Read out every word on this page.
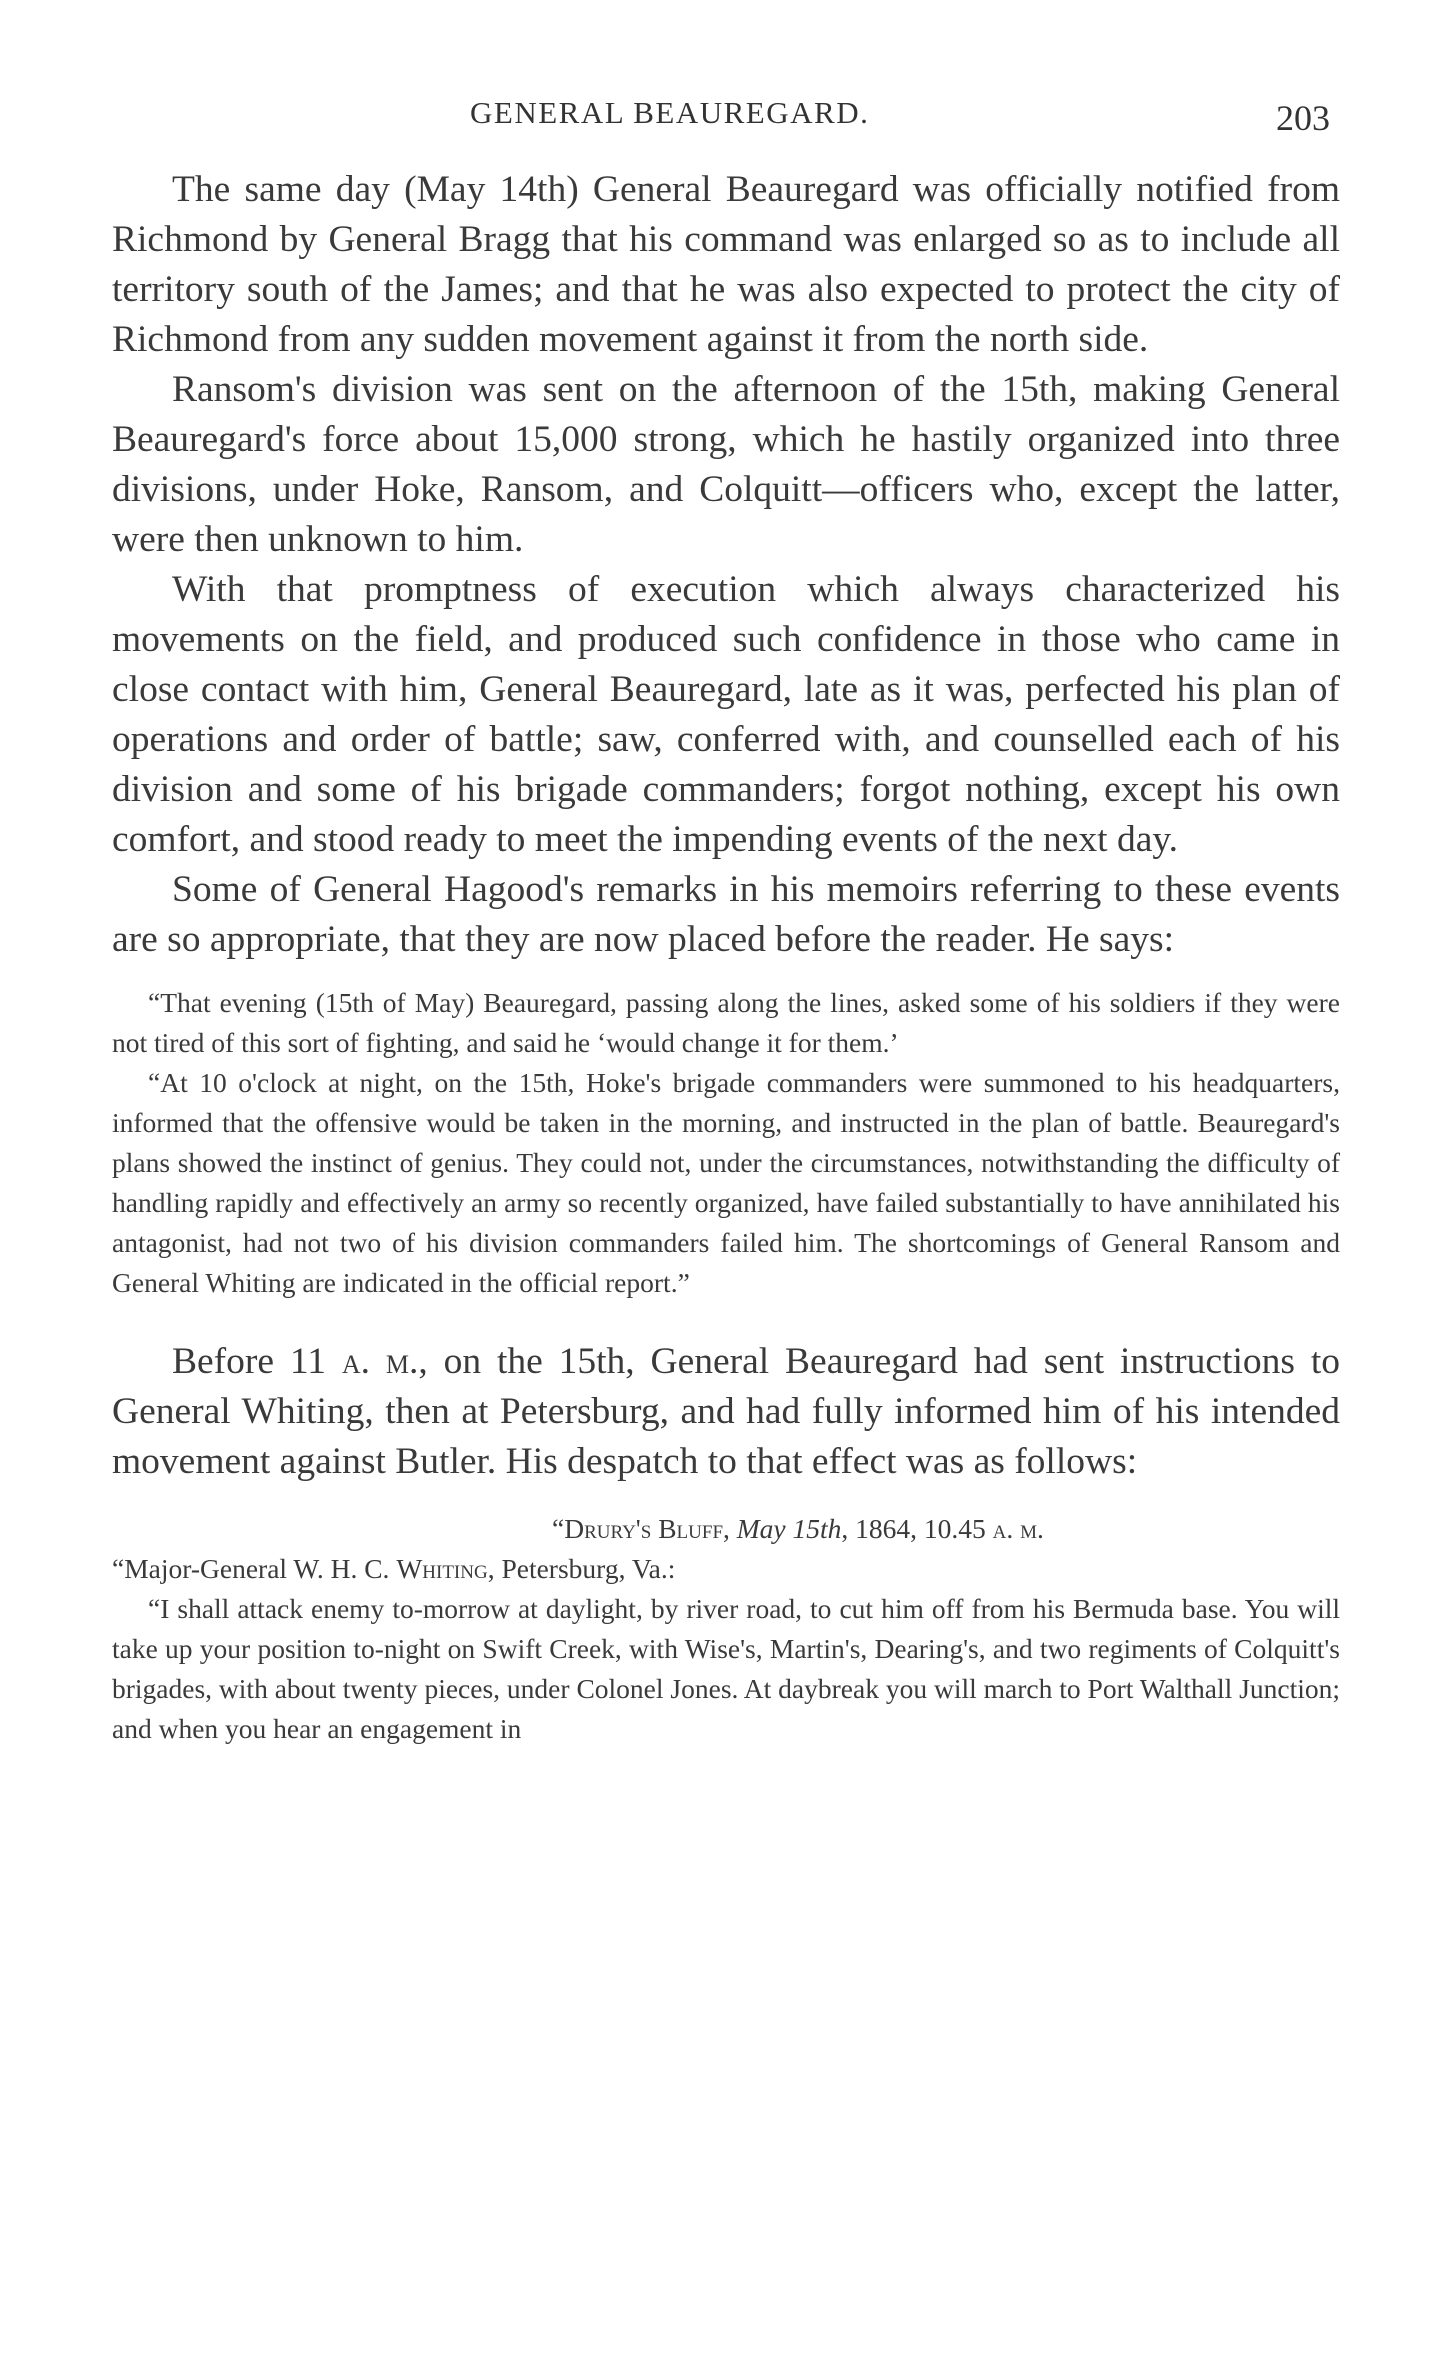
GENERAL BEAUREGARD.	203

The same day (May 14th) General Beauregard was officially notified from Richmond by General Bragg that his command was enlarged so as to include all territory south of the James; and that he was also expected to protect the city of Richmond from any sudden movement against it from the north side.

Ransom's division was sent on the afternoon of the 15th, making General Beauregard's force about 15,000 strong, which he hastily organized into three divisions, under Hoke, Ransom, and Colquitt—officers who, except the latter, were then unknown to him.

With that promptness of execution which always characterized his movements on the field, and produced such confidence in those who came in close contact with him, General Beauregard, late as it was, perfected his plan of operations and order of battle; saw, conferred with, and counselled each of his division and some of his brigade commanders; forgot nothing, except his own comfort, and stood ready to meet the impending events of the next day.

Some of General Hagood's remarks in his memoirs referring to these events are so appropriate, that they are now placed before the reader. He says:

“That evening (15th of May) Beauregard, passing along the lines, asked some of his soldiers if they were not tired of this sort of fighting, and said he ‘would change it for them.’

“At 10 o'clock at night, on the 15th, Hoke's brigade commanders were summoned to his headquarters, informed that the offensive would be taken in the morning, and instructed in the plan of battle. Beauregard's plans showed the instinct of genius. They could not, under the circumstances, notwithstanding the difficulty of handling rapidly and effectively an army so recently organized, have failed substantially to have annihilated his antagonist, had not two of his division commanders failed him. The shortcomings of General Ransom and General Whiting are indicated in the official report.”

Before 11 a. m., on the 15th, General Beauregard had sent instructions to General Whiting, then at Petersburg, and had fully informed him of his intended movement against Butler. His despatch to that effect was as follows:

“Drury's Bluff, May 15th, 1864, 10.45 a. m.

“Major-General W. H. C. Whiting, Petersburg, Va.:

“I shall attack enemy to-morrow at daylight, by river road, to cut him off from his Bermuda base. You will take up your position to-night on Swift Creek, with Wise's, Martin's, Dearing's, and two regiments of Colquitt's brigades, with about twenty pieces, under Colonel Jones. At daybreak you will march to Port Walthall Junction; and when you hear an engagement in
